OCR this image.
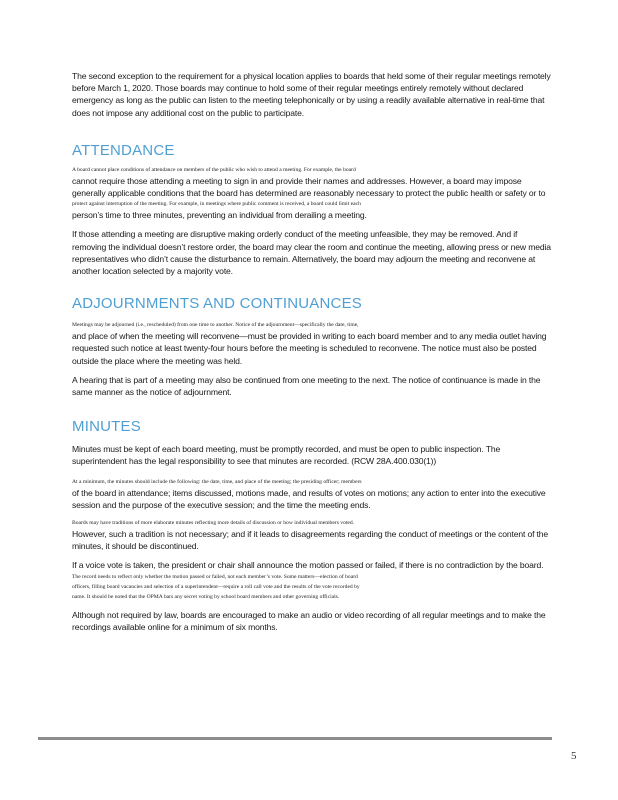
The second exception to the requirement for a physical location applies to boards that held some of their regular meetings remotely before March 1, 2020. Those boards may continue to hold some of their regular meetings entirely remotely without declared emergency as long as the public can listen to the meeting telephonically or by using a readily available alternative in real-time that does not impose any additional cost on the public to participate.

ATTENDANCE
A board cannot place conditions of attendance on members of the public who wish to attend a meeting. For example, the board
cannot require those attending a meeting to sign in and provide their names and addresses. However, a board may impose generally applicable conditions that the board has determined are reasonably necessary to protect the public health or safety or to
protect against interruption of the meeting. For example, in meetings where public comment is received, a board could limit each
person’s time to three minutes, preventing an individual from derailing a meeting.

If those attending a meeting are disruptive making orderly conduct of the meeting unfeasible, they may be removed. And if removing the individual doesn’t restore order, the board may clear the room and continue the meeting, allowing press or new media representatives who didn’t cause the disturbance to remain. Alternatively, the board may adjourn the meeting and reconvene at another location selected by a majority vote.

ADJOURNMENTS AND CONTINUANCES
Meetings may be adjourned (i.e., rescheduled) from one time to another. Notice of the adjournment—specifically the date, time,
and place of when the meeting will reconvene—must be provided in writing to each board member and to any media outlet having requested such notice at least twenty-four hours before the meeting is scheduled to reconvene. The notice must also be posted outside the place where the meeting was held.

A hearing that is part of a meeting may also be continued from one meeting to the next. The notice of continuance is made in the same manner as the notice of adjournment.

MINUTES

Minutes must be kept of each board meeting, must be promptly recorded, and must be open to public inspection. The superintendent has the legal responsibility to see that minutes are recorded. (RCW 28A.400.030(1))

At a minimum, the minutes should include the following: the date, time, and place of the meeting; the presiding officer; members
of the board in attendance; items discussed, motions made, and results of votes on motions; any action to enter into the executive session and the purpose of the executive session; and the time the meeting ends.
Boards may have traditions of more elaborate minutes reflecting more details of discussion or how individual members voted.
However, such a tradition is not necessary; and if it leads to disagreements regarding the conduct of meetings or the content of the minutes, it should be discontinued.
If a voice vote is taken, the president or chair shall announce the motion passed or failed, if there is no contradiction by the board.
The record needs to reflect only whether the motion passed or failed, not each member’s vote. Some matters—election of board
officers, filling board vacancies and selection of a superintendent—require a roll call vote and the results of the vote recorded by
name. It should be noted that the OPMA bars any secret voting by school board members and other governing officials.

Although not required by law, boards are encouraged to make an audio or video recording of all regular meetings and to make the recordings available online for a minimum of six months.

5
